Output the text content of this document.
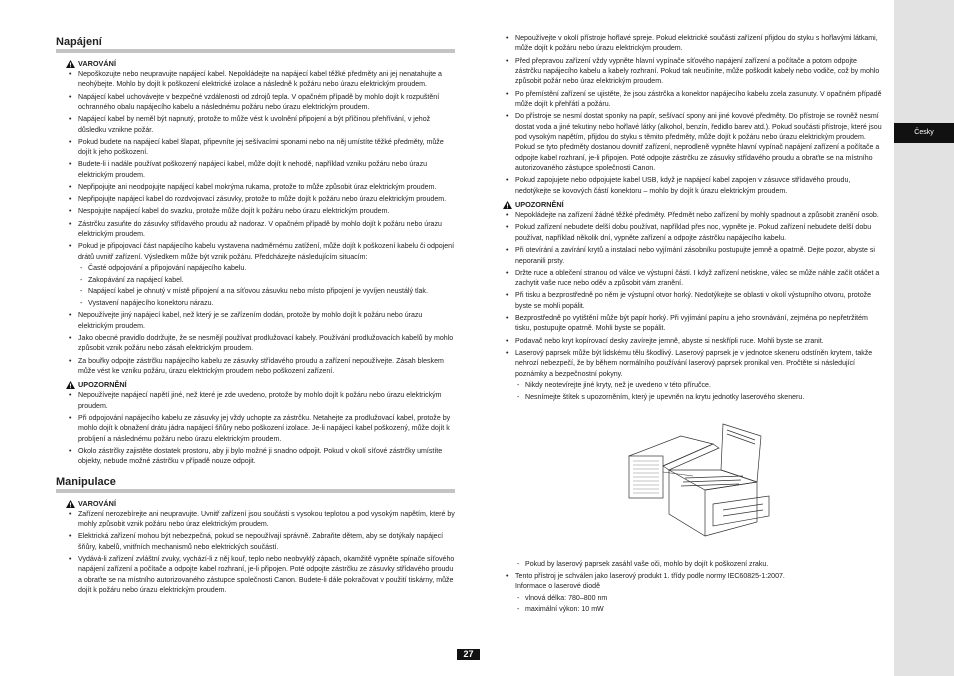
Česky
Napájení
VAROVÁNÍ
• Nepoškozujte nebo neupravujte napájecí kabel. Nepokládejte na napájecí kabel těžké předměty ani jej nenatahujte a neohýbejte. Mohlo by dojít k poškození elektrické izolace a následně k požáru nebo úrazu elektrickým proudem.
• Napájecí kabel uchovávejte v bezpečné vzdálenosti od zdrojů tepla. V opačném případě by mohlo dojít k rozpuštění ochranného obalu napájecího kabelu a následnému požáru nebo úrazu elektrickým proudem.
• Napájecí kabel by neměl být napnutý, protože to může vést k uvolnění připojení a být příčinou přehřívání, v jehož důsledku vznikne požár.
• Pokud budete na napájecí kabel šlapat, připevníte jej sešívacími sponami nebo na něj umístíte těžké předměty, může dojít k jeho poškození.
• Budete-li i nadále používat poškozený napájecí kabel, může dojít k nehodě, například vzniku požáru nebo úrazu elektrickým proudem.
• Nepřipojujte ani neodpojujte napájecí kabel mokrýma rukama, protože to může způsobit úraz elektrickým proudem.
• Nepřipojujte napájecí kabel do rozdvojovací zásuvky, protože to může dojít k požáru nebo úrazu elektrickým proudem.
• Nespojujte napájecí kabel do svazku, protože může dojít k požáru nebo úrazu elektrickým proudem.
• Zástrčku zasuňte do zásuvky střídavého proudu až nadoraz. V opačném případě by mohlo dojít k požáru nebo úrazu elektrickým proudem.
• Pokud je připojovací část napájecího kabelu vystavena nadměrnému zatížení, může dojít k poškození kabelu či odpojení drátů uvnitř zařízení. Výsledkem může být vznik požáru. Předcházejte následujícím situacím:
- Časté odpojování a připojování napájecího kabelu.
- Zakopávání za napájecí kabel.
- Napájecí kabel je ohnutý v místě připojení a na síťovou zásuvku nebo místo připojení je vyvíjen neustálý tlak.
- Vystavení napájecího konektoru nárazu.
• Nepoužívejte jiný napájecí kabel, než který je se zařízením dodán, protože by mohlo dojít k požáru nebo úrazu elektrickým proudem.
• Jako obecné pravidlo dodržujte, že se nesmějí používat prodlužovací kabely. Používání prodlužovacích kabelů by mohlo způsobit vznik požáru nebo zásah elektrickým proudem.
• Za bouřky odpojte zástrčku napájecího kabelu ze zásuvky střídavého proudu a zařízení nepoužívejte. Zásah bleskem může vést ke vzniku požáru, úrazu elektrickým proudem nebo poškození zařízení.
UPOZORNĚNÍ
• Nepoužívejte napájecí napětí jiné, než které je zde uvedeno, protože by mohlo dojít k požáru nebo úrazu elektrickým proudem.
• Při odpojování napájecího kabelu ze zásuvky jej vždy uchopte za zástrčku. Netahejte za prodlužovací kabel, protože by mohlo dojít k obnažení drátu jádra napájecí šňůry nebo poškození izolace. Je-li napájecí kabel poškozený, může dojít k probíjení a následnému požáru nebo úrazu elektrickým proudem.
• Okolo zástrčky zajistěte dostatek prostoru, aby ji bylo možné ji snadno odpojit. Pokud v okolí síťové zástrčky umístíte objekty, nebude možné zástrčku v případě nouze odpojit.
Manipulace
VAROVÁNÍ
• Zařízení nerozebírejte ani neupravujte. Uvnitř zařízení jsou součásti s vysokou teplotou a pod vysokým napětím, které by mohly způsobit vznik požáru nebo úraz elektrickým proudem.
• Elektrická zařízení mohou být nebezpečná, pokud se nepoužívají správně. Zabraňte dětem, aby se dotýkaly napájecí šňůry, kabelů, vnitřních mechanismů nebo elektrických součástí.
• Vydává-li zařízení zvláštní zvuky, vychází-li z něj kouř, teplo nebo neobvyklý zápach, okamžitě vypněte spínače síťového napájení zařízení a počítače a odpojte kabel rozhraní, je-li připojen. Poté odpojte zástrčku ze zásuvky střídavého proudu a obraťte se na místního autorizovaného zástupce společnosti Canon. Budete-li dále pokračovat v použití tiskárny, může dojít k požáru nebo úrazu elektrickým proudem.
• Nepoužívejte v okolí přístroje hořlavé spreje. Pokud elektrické součásti zařízení přijdou do styku s hořlavými látkami, může dojít k požáru nebo úrazu elektrickým proudem.
• Před přepravou zařízení vždy vypněte hlavní vypínače síťového napájení zařízení a počítače a potom odpojte zástrčku napájecího kabelu a kabely rozhraní. Pokud tak neučiníte, může poškodit kabely nebo vodiče, což by mohlo způsobit požár nebo úraz elektrickým proudem.
• Po přemístění zařízení se ujistěte, že jsou zástrčka a konektor napájecího kabelu zcela zasunuty. V opačném případě může dojít k přehřátí a požáru.
• Do přístroje se nesmí dostat sponky na papír, sešívací spony ani jiné kovové předměty. Do přístroje se rovněž nesmí dostat voda a jiné tekutiny nebo hořlavé látky (alkohol, benzín, ředidlo barev atd.). Pokud součásti přístroje, které jsou pod vysokým napětím, přijdou do styku s těmito předměty, může dojít k požáru nebo úrazu elektrickým proudem. Pokud se tyto předměty dostanou dovnitř zařízení, neprodleně vypněte hlavní vypínač napájení zařízení a počítače a odpojte kabel rozhraní, je-li připojen. Poté odpojte zástrčku ze zásuvky střídavého proudu a obraťte se na místního autorizovaného zástupce společnosti Canon.
• Pokud zapojujete nebo odpojujete kabel USB, když je napájecí kabel zapojen v zásuvce střídavého proudu, nedotýkejte se kovových částí konektoru – mohlo by dojít k úrazu elektrickým proudem.
UPOZORNĚNÍ
• Nepokládejte na zařízení žádné těžké předměty. Předmět nebo zařízení by mohly spadnout a způsobit zranění osob.
• Pokud zařízení nebudete delší dobu používat, například přes noc, vypněte je. Pokud zařízení nebudete delší dobu používat, například několik dní, vypněte zařízení a odpojte zástrčku napájecího kabelu.
• Při otevírání a zavírání krytů a instalaci nebo vyjímání zásobníku postupujte jemně a opatrně. Dejte pozor, abyste si neporanili prsty.
• Držte ruce a oblečení stranou od válce ve výstupní části. I když zařízení netiskne, válec se může náhle začít otáčet a zachytit vaše ruce nebo oděv a způsobit vám zranění.
• Při tisku a bezprostředně po něm je výstupní otvor horký. Nedotýkejte se oblasti v okolí výstupního otvoru, protože byste se mohli popálit.
• Bezprostředně po vytištění může být papír horký. Při vyjímání papíru a jeho srovnávání, zejména po nepřetržitém tisku, postupujte opatrně. Mohli byste se popálit.
• Podavač nebo kryt kopírovací desky zavírejte jemně, abyste si neskřípli ruce. Mohli byste se zranit.
• Laserový paprsek může být lidskému tělu škodlivý. Laserový paprsek je v jednotce skeneru odstíněn krytem, takže nehrozí nebezpečí, že by během normálního používání laserový paprsek pronikal ven. Pročtěte si následující poznámky a bezpečnostní pokyny.
- Nikdy neotevírejte jiné kryty, než je uvedeno v této příručce.
- Nesnímejte štítek s upozorněním, který je upevněn na krytu jednotky laserového skeneru.
- Pokud by laserový paprsek zasáhl vaše oči, mohlo by dojít k poškození zraku.
• Tento přístroj je schválen jako laserový produkt 1. třídy podle normy IEC60825-1:2007.
Informace o laserové diodě
- vlnová délka: 780–800 nm
- maximální výkon: 10 mW
27
